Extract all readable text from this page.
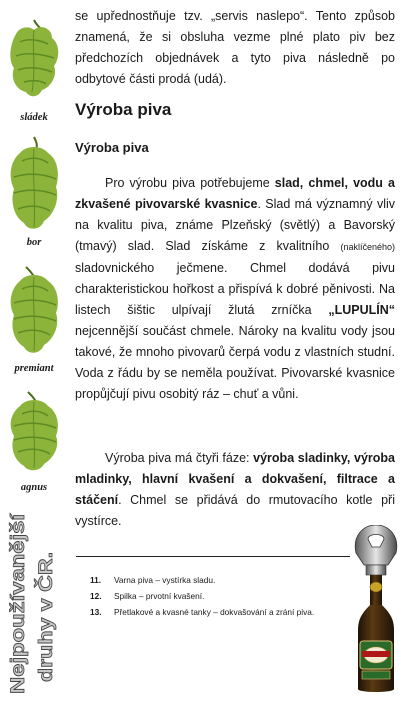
sládek
bor
premiant
agnus
Nejpoužívanější druhy v ČR.

se upřednostňuje tzv. „servis naslepo“. Tento způsob znamená, že si obsluha vezme plné plato piv bez předchozích objednávek a tyto piva následně po odbytové části prodá (udá).

Výroba piva
Výroba piva

Pro výrobu piva potřebujeme slad, chmel, vodu a zkvašené pivovarské kvasnice. Slad má významný vliv na kvalitu piva, známe Plzeňský (světlý) a Bavorský (tmavý) slad. Slad získáme z kvalitního (naklíčeného) sladovnického ječmene. Chmel dodává pivu charakteristickou hořkost a přispívá k dobré pěnivosti. Na listech šištic ulpívají žlutá zrníčka „LUPULÍN“ nejcennější součást chmele. Nároky na kvalitu vody jsou takové, že mnoho pivovarů čerpá vodu z vlastních studní. Voda z řádu by se neměla používat. Pivovarské kvasnice propůjčují pivu osobitý ráz – chuť a vůni.

Výroba piva má čtyři fáze: výroba sladinky, výroba mladinky, hlavní kvašení a dokvašení, filtrace a stáčení. Chmel se přidává do rmutovacího kotle při vystírce.

11.	Varna piva – vystírka sladu.
12.	Spilka – prvotní kvašení.
13.	Přetlakové a kvasné tanky – dokvašování a zrání piva.
